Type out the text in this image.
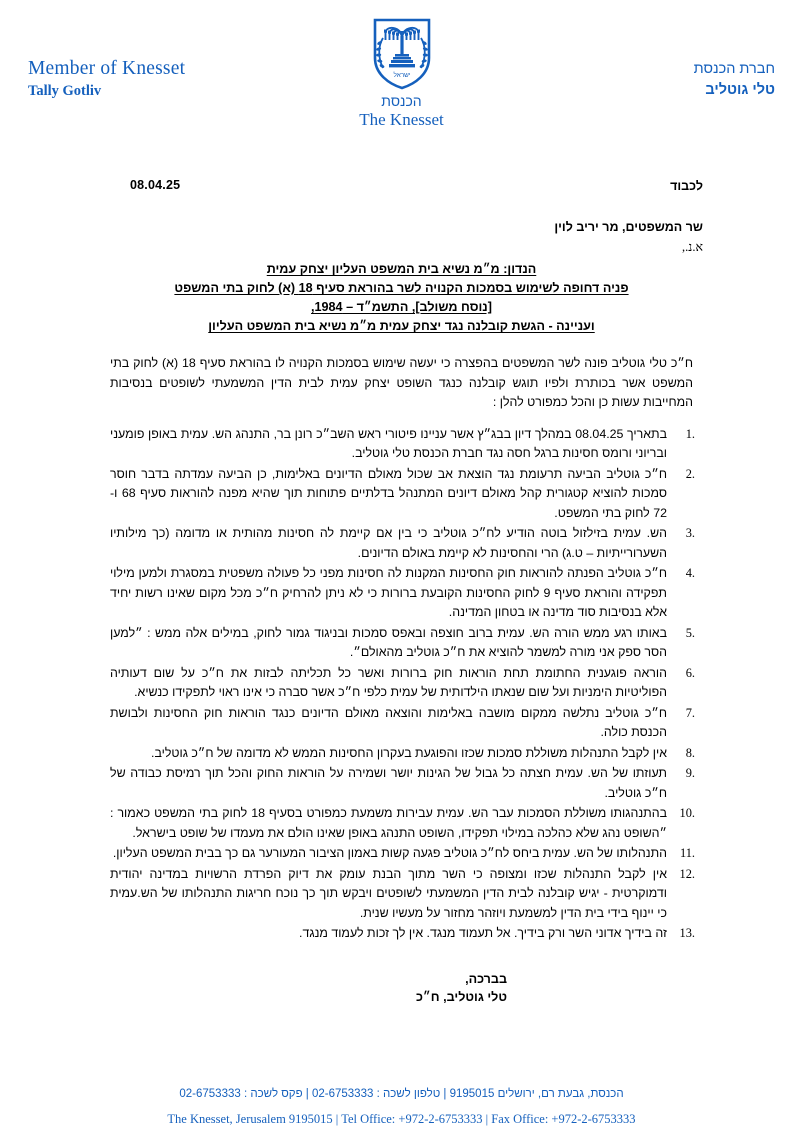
Member of Knesset
Tally Gotliv
ישראל
הכנסת
The Knesset
חברת הכנסת
טלי גוטליב
08.04.25	לכבוד
שר המשפטים, מר יריב לוין
א.נ.,
הנדון: מ״מ נשיא בית המשפט העליון יצחק עמית
פניה דחופה לשימוש בסמכות הקנויה לשר בהוראת סעיף 18 (א) לחוק בתי המשפט
[נוסח משולב], התשמ״ד – 1984,
ועניינה - הגשת קובלנה נגד יצחק עמית מ״מ נשיא בית המשפט העליון

ח״כ טלי גוטליב פונה לשר המשפטים בהפצרה כי יעשה שימוש בסמכות הקנויה לו בהוראת סעיף 18 (א) לחוק בתי המשפט אשר בכותרת ולפיו תוגש קובלנה כנגד השופט יצחק עמית לבית הדין המשמעתי לשופטים בנסיבות המחייבות עשות כן והכל כמפורט להלן :

בתאריך 08.04.25 במהלך דיון בבג״ץ אשר עניינו פיטורי ראש השב״כ רונן בר, התנהג הש. עמית באופן פומעני ובריוני ורומס חסינות ברגל חסה נגד חברת הכנסת טלי גוטליב.
ח״כ גוטליב הביעה תרעומת נגד הוצאת אב שכול מאולם הדיונים באלימות, כן הביעה עמדתה בדבר חוסר סמכות להוציא קטגורית קהל מאולם דיונים המתנהל בדלתיים פתוחות תוך שהיא מפנה להוראות סעיף 68 ו- 72 לחוק בתי המשפט.
הש. עמית בזילזול בוטה הודיע לח״כ גוטליב כי בין אם קיימת לה חסינות מהותית או מדומה (כך מילותיו השערורייתיות – ט.ג) הרי והחסינות לא קיימת באולם הדיונים.
ח״כ גוטליב הפנתה להוראות חוק החסינות המקנות לה חסינות מפני כל פעולה משפטית במסגרת ולמען מילוי תפקידה והוראת סעיף 9 לחוק החסינות הקובעת ברורות כי לא ניתן להרחיק ח״כ מכל מקום שאינו רשות יחיד אלא בנסיבות סוד מדינה או בטחון המדינה.
באותו רגע ממש הורה הש. עמית ברוב חוצפה ובאפס סמכות ובניגוד גמור לחוק, במילים אלה ממש : ״למען הסר ספק אני מורה למשמר להוציא את ח״כ גוטליב מהאולם״.
הוראה פוגענית החתומת תחת הוראות חוק ברורות ואשר כל תכליתה לבזות את ח״כ על שום דעותיה הפוליטיות הימניות ועל שום שנאתו הילדותית של עמית כלפי ח״כ אשר סברה כי אינו ראוי לתפקידו כנשיא.
ח״כ גוטליב נתלשה ממקום מושבה באלימות והוצאה מאולם הדיונים כנגד הוראות חוק החסינות ולבושת הכנסת כולה.
אין לקבל התנהלות משוללת סמכות שכזו והפוגעת בעקרון החסינות הממש לא מדומה של ח״כ גוטליב.
תעוזתו של הש. עמית חצתה כל גבול של הגינות יושר ושמירה על הוראות החוק והכל תוך רמיסת כבודה של ח״כ גוטליב.
בהתנהגותו משוללת הסמכות עבר הש. עמית עבירות משמעת כמפורט בסעיף 18 לחוק בתי המשפט כאמור : ״השופט נהג שלא כהלכה במילוי תפקידו, השופט התנהג באופן שאינו הולם את מעמדו של שופט בישראל.
התנהלותו של הש. עמית ביחס לח״כ גוטליב פגעה קשות באמון הציבור המעורער גם כך בבית המשפט העליון.
אין לקבל התנהלות שכזו ומצופה כי השר מתוך הבנת עומק את דיוק הפרדת הרשויות במדינה יהודית ודמוקרטית - יגיש קובלנה לבית הדין המשמעתי לשופטים ויבקש תוך כך נוכח חריגות התנהלותו של הש.עמית כי יינוף בידי בית הדין למשמעת ויוזהר מחזור על מעשיו שנית.
זה בידיך אדוני השר ורק בידיך. אל תעמוד מנגד. אין לך זכות לעמוד מנגד.
בברכה,
טלי גוטליב, ח״כ
הכנסת, גבעת רם, ירושלים 9195015 | טלפון לשכה : 02-6753333 | פקס לשכה : 02-6753333
The Knesset, Jerusalem 9195015 | Tel Office: +972-2-6753333 | Fax Office: +972-2-6753333
